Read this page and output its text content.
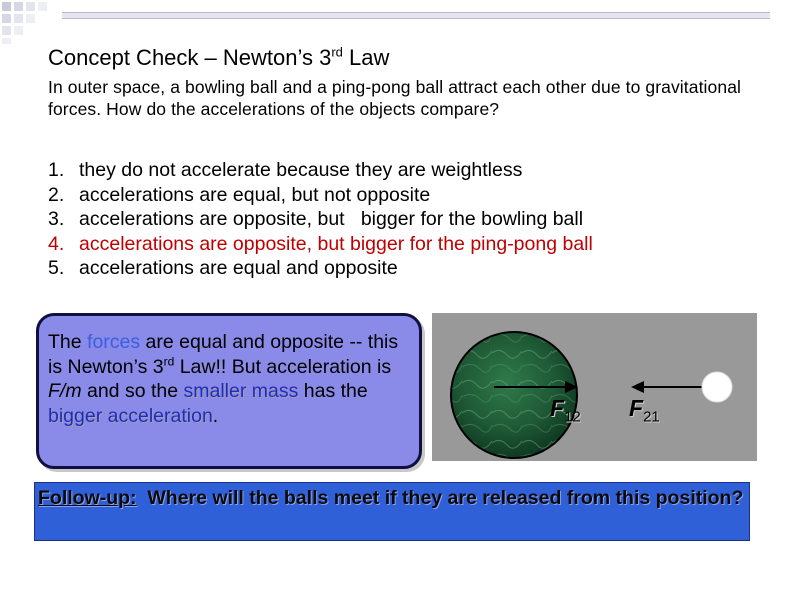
Concept Check – Newton’s 3rd Law
In outer space, a bowling ball and a ping-pong ball attract each other due to gravitational forces. How do the accelerations of the objects compare?
1. they do not accelerate because they are weightless
2. accelerations are equal, but not opposite
3. accelerations are opposite, but   bigger for the bowling ball
4. accelerations are opposite, but bigger for the ping-pong ball
5. accelerations are equal and opposite
The forces are equal and opposite -- this is Newton’s 3rd Law!! But acceleration is F/m and so the smaller mass has the bigger acceleration.	$F_{12}$ $F_{21}$
Follow-up:  Where will the balls meet if they are released from this position?
